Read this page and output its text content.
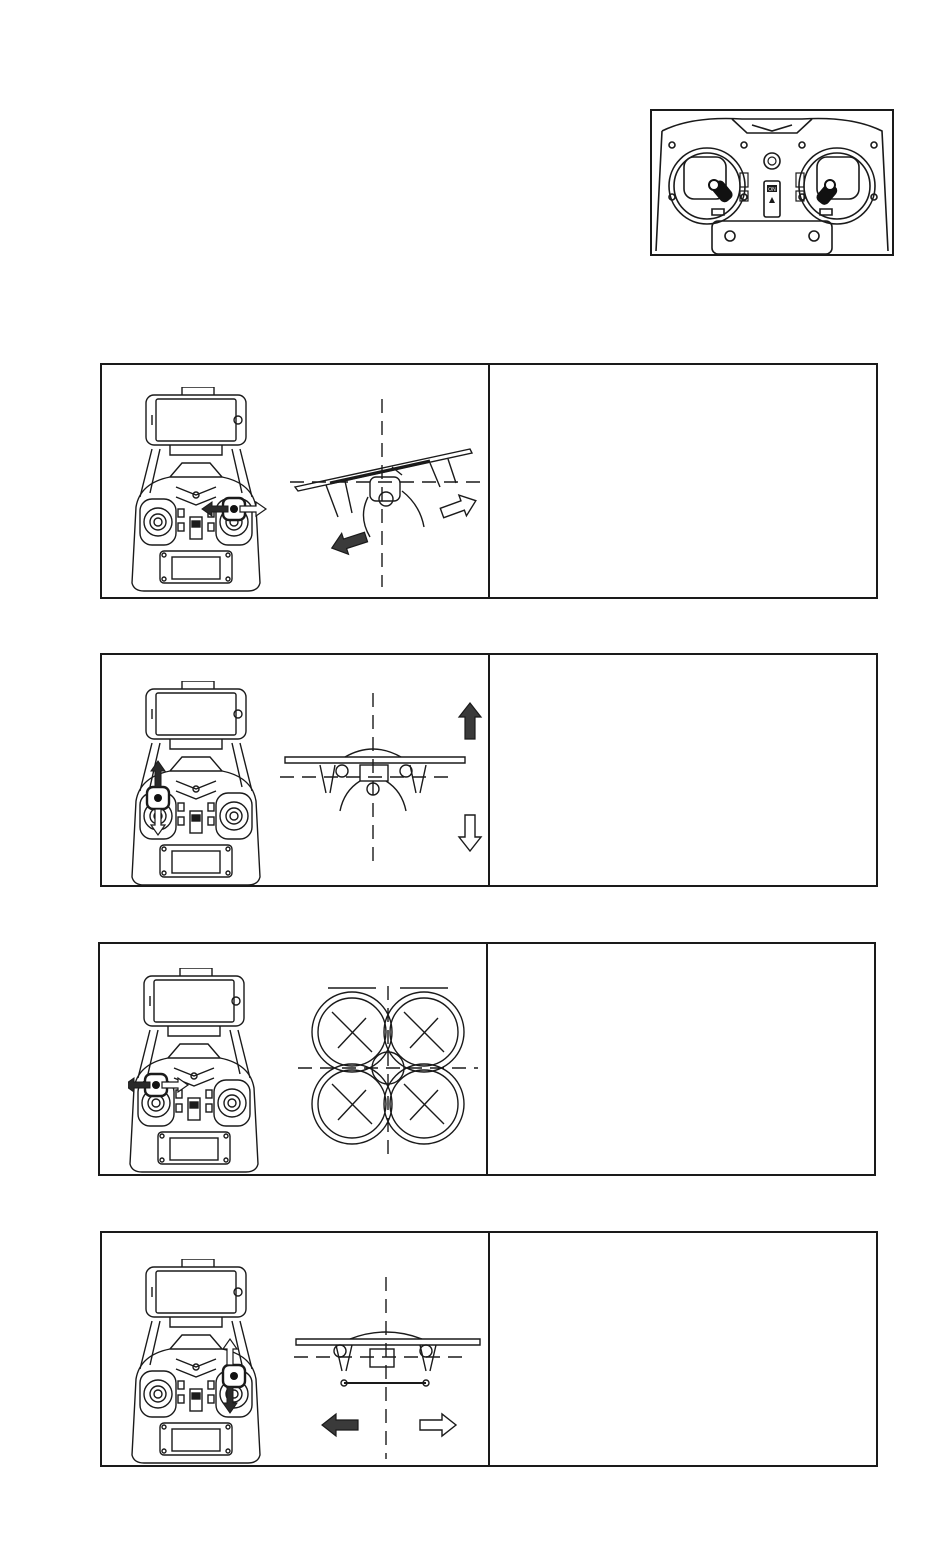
ON
